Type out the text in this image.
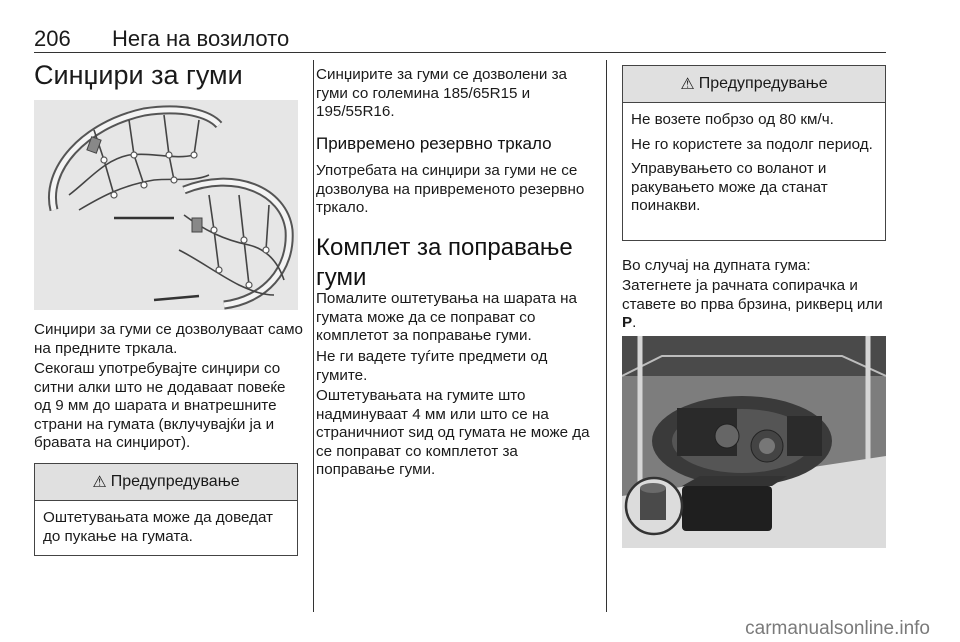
206 Нега на возилото
Синџири за гуми

Синџири за гуми се дозволуваат само на предните тркала.

Секогаш употребувајте синџири со ситни алки што не додаваат повеќе од 9 мм до шарата и внатрешните страни на гумата (вклучувајќи ја и бравата на синџирот).

⚠ Предупредување

Оштетувањата може да доведат до пукање на гумата.

Синџирите за гуми се дозволени за гуми со големина 185/65R15 и 195/55R16.

Привремено резервно тркало

Употребата на синџири за гуми не се дозволува на привременото резервно тркало.

Комплет за поправање гуми

Помалите оштетувања на шарата на гумата може да се поправат со комплетот за поправање гуми.

Не ги вадете туѓите предмети од гумите.

Оштетувањата на гумите што надминуваат 4 мм или што се на страничниот ѕид од гумата не може да се поправат со комплетот за поправање гуми.

⚠ Предупредување

Не возете побрзо од 80 км/ч.

Не го користете за подолг период.

Управувањето со воланот и ракувањето може да станат поинакви.

Во случај на дупната гума:

Затегнете ја рачната сопирачка и ставете во прва брзина, рикверц или P.

carmanualsonline.info
